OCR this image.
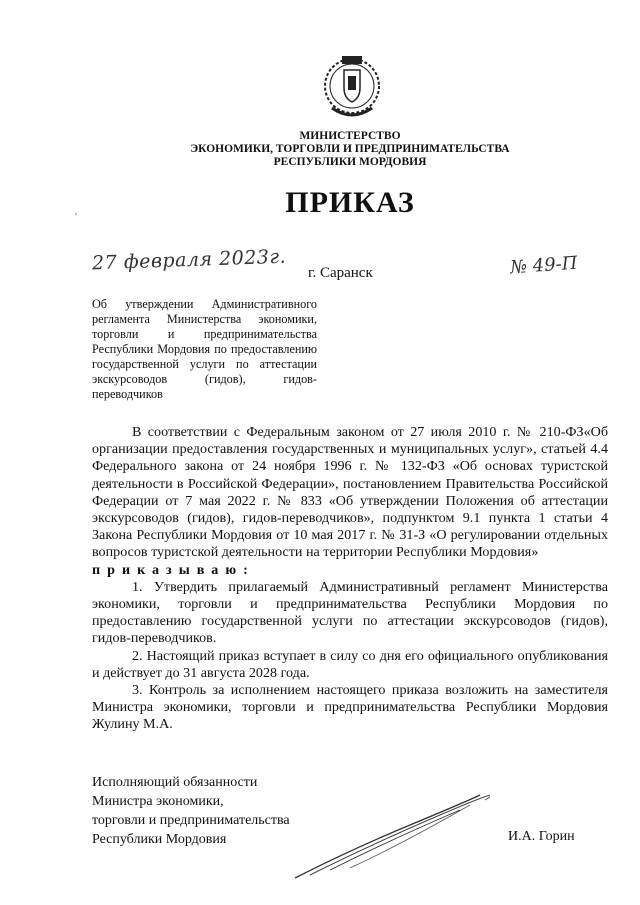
МИНИСТЕРСТВО
ЭКОНОМИКИ, ТОРГОВЛИ И ПРЕДПРИНИМАТЕЛЬСТВА
РЕСПУБЛИКИ МОРДОВИЯ
ПРИКАЗ
'
27 февраля 2023г. г. Саранск	№ 49-П
Об утверждении Административного регламента Министерства экономики, торговли и предпринимательства Республики Мордовия по предоставлению государственной услуги по аттестации экскурсоводов (гидов), гидов-переводчиков

В соответствии с Федеральным законом от 27 июля 2010 г. № 210-ФЗ«Об организации предоставления государственных и муниципальных услуг», статьей 4.4 Федерального закона от 24 ноября 1996 г. № 132-ФЗ «Об основах туристской деятельности в Российской Федерации», постановлением Правительства Российской Федерации от 7 мая 2022 г. № 833 «Об утверждении Положения об аттестации экскурсоводов (гидов), гидов-переводчиков», подпунктом 9.1 пункта 1 статьи 4 Закона Республики Мордовия от 10 мая 2017 г. № 31-З «О регулировании отдельных вопросов туристской деятельности на территории Республики Мордовия»

приказываю:

1. Утвердить прилагаемый Административный регламент Министерства экономики, торговли и предпринимательства Республики Мордовия по предоставлению государственной услуги по аттестации экскурсоводов (гидов), гидов-переводчиков.

2. Настоящий приказ вступает в силу со дня его официального опубликования и действует до 31 августа 2028 года.

3. Контроль за исполнением настоящего приказа возложить на заместителя Министра экономики, торговли и предпринимательства Республики Мордовия Жулину М.А.

Исполняющий обязанности
Министра экономики,
торговли и предпринимательства
Республики Мордовия	И.А. Горин
